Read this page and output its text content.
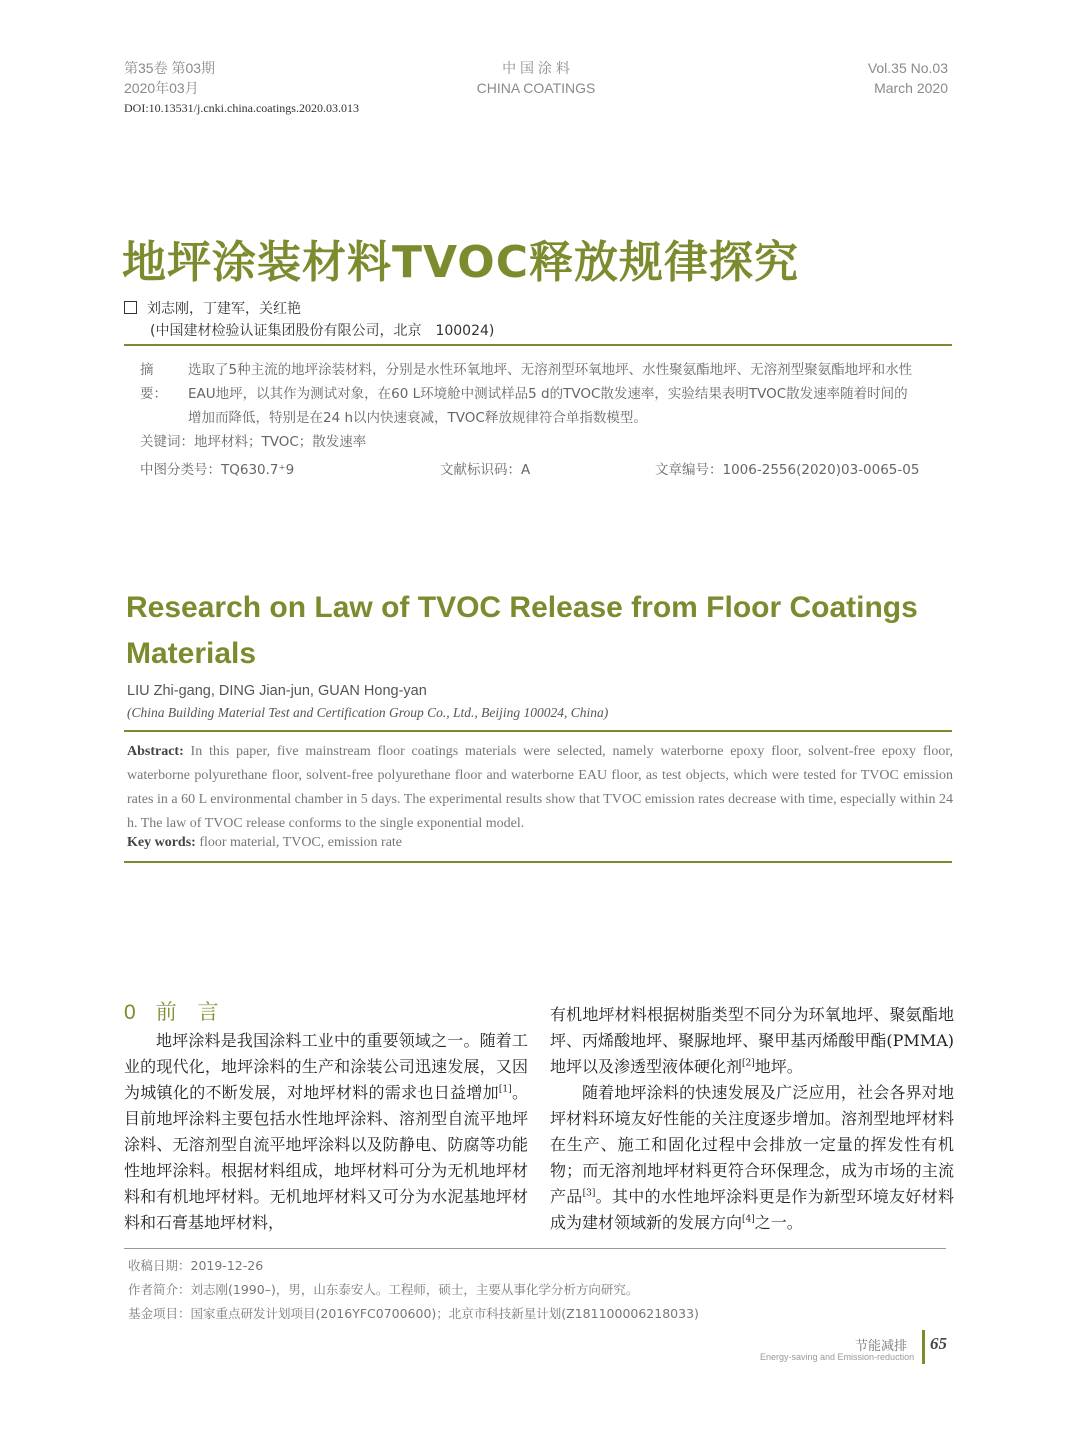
第35卷 第03期
2020年03月
中 国 涂 料
CHINA COATINGS
Vol.35 No.03
March 2020
DOI:10.13531/j.cnki.china.coatings.2020.03.013
地坪涂装材料TVOC释放规律探究
刘志刚，丁建军，关红艳
(中国建材检验认证集团股份有限公司，北京　100024)
摘　要：选取了5种主流的地坪涂装材料，分别是水性环氧地坪、无溶剂型环氧地坪、水性聚氨酯地坪、无溶剂型聚氨酯地坪和水性EAU地坪，以其作为测试对象，在60 L环境舱中测试样品5 d的TVOC散发速率，实验结果表明TVOC散发速率随着时间的增加而降低，特别是在24 h以内快速衰减，TVOC释放规律符合单指数模型。
关键词：地坪材料；TVOC；散发速率
中图分类号：TQ630.7⁺9	文献标识码：A	文章编号：1006-2556(2020)03-0065-05
Research on Law of TVOC Release from Floor Coatings Materials
LIU Zhi-gang, DING Jian-jun, GUAN Hong-yan
(China Building Material Test and Certification Group Co., Ltd., Beijing 100024, China)
Abstract: In this paper, five mainstream floor coatings materials were selected, namely waterborne epoxy floor, solvent-free epoxy floor, waterborne polyurethane floor, solvent-free polyurethane floor and waterborne EAU floor, as test objects, which were tested for TVOC emission rates in a 60 L environmental chamber in 5 days. The experimental results show that TVOC emission rates decrease with time, especially within 24 h. The law of TVOC release conforms to the single exponential model.
Key words: floor material, TVOC, emission rate
0 前　言

地坪涂料是我国涂料工业中的重要领域之一。随着工业的现代化，地坪涂料的生产和涂装公司迅速发展，又因为城镇化的不断发展，对地坪材料的需求也日益增加[1]。目前地坪涂料主要包括水性地坪涂料、溶剂型自流平地坪涂料、无溶剂型自流平地坪涂料以及防静电、防腐等功能性地坪涂料。根据材料组成，地坪材料可分为无机地坪材料和有机地坪材料。无机地坪材料又可分为水泥基地坪材料和石膏基地坪材料，

有机地坪材料根据树脂类型不同分为环氧地坪、聚氨酯地坪、丙烯酸地坪、聚脲地坪、聚甲基丙烯酸甲酯(PMMA)地坪以及渗透型液体硬化剂[2]地坪。

随着地坪涂料的快速发展及广泛应用，社会各界对地坪材料环境友好性能的关注度逐步增加。溶剂型地坪材料在生产、施工和固化过程中会排放一定量的挥发性有机物；而无溶剂地坪材料更符合环保理念，成为市场的主流产品[3]。其中的水性地坪涂料更是作为新型环境友好材料成为建材领域新的发展方向[4]之一。

收稿日期：2019-12-26
作者简介：刘志刚(1990–)，男，山东泰安人。工程师，硕士，主要从事化学分析方向研究。
基金项目：国家重点研发计划项目(2016YFC0700600)；北京市科技新星计划(Z181100006218033)
节能减排
Energy-saving and Emission-reduction
65
